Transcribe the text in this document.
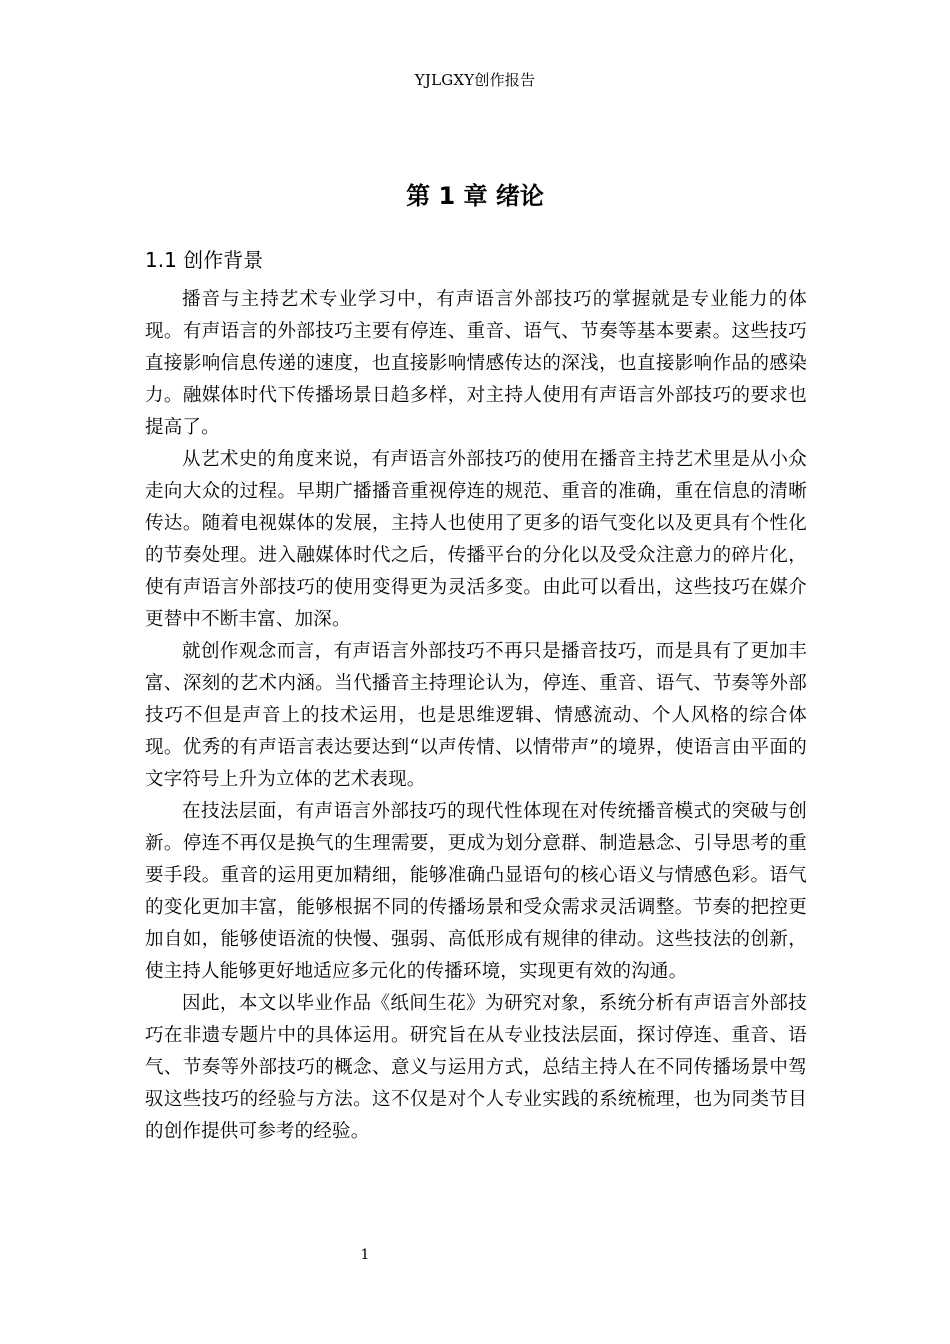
YJLGXY创作报告
第 1 章 绪论
1.1 创作背景

播音与主持艺术专业学习中，有声语言外部技巧的掌握就是专业能力的体现。有声语言的外部技巧主要有停连、重音、语气、节奏等基本要素。这些技巧直接影响信息传递的速度，也直接影响情感传达的深浅，也直接影响作品的感染力。融媒体时代下传播场景日趋多样，对主持人使用有声语言外部技巧的要求也提高了。

从艺术史的角度来说，有声语言外部技巧的使用在播音主持艺术里是从小众走向大众的过程。早期广播播音重视停连的规范、重音的准确，重在信息的清晰传达。随着电视媒体的发展，主持人也使用了更多的语气变化以及更具有个性化的节奏处理。进入融媒体时代之后，传播平台的分化以及受众注意力的碎片化，使有声语言外部技巧的使用变得更为灵活多变。由此可以看出，这些技巧在媒介更替中不断丰富、加深。

就创作观念而言，有声语言外部技巧不再只是播音技巧，而是具有了更加丰富、深刻的艺术内涵。当代播音主持理论认为，停连、重音、语气、节奏等外部技巧不但是声音上的技术运用，也是思维逻辑、情感流动、个人风格的综合体现。优秀的有声语言表达要达到“以声传情、以情带声”的境界，使语言由平面的文字符号上升为立体的艺术表现。

在技法层面，有声语言外部技巧的现代性体现在对传统播音模式的突破与创新。停连不再仅是换气的生理需要，更成为划分意群、制造悬念、引导思考的重要手段。重音的运用更加精细，能够准确凸显语句的核心语义与情感色彩。语气的变化更加丰富，能够根据不同的传播场景和受众需求灵活调整。节奏的把控更加自如，能够使语流的快慢、强弱、高低形成有规律的律动。这些技法的创新，使主持人能够更好地适应多元化的传播环境，实现更有效的沟通。

因此，本文以毕业作品《纸间生花》为研究对象，系统分析有声语言外部技巧在非遗专题片中的具体运用。研究旨在从专业技法层面，探讨停连、重音、语气、节奏等外部技巧的概念、意义与运用方式，总结主持人在不同传播场景中驾驭这些技巧的经验与方法。这不仅是对个人专业实践的系统梳理，也为同类节目的创作提供可参考的经验。

1
